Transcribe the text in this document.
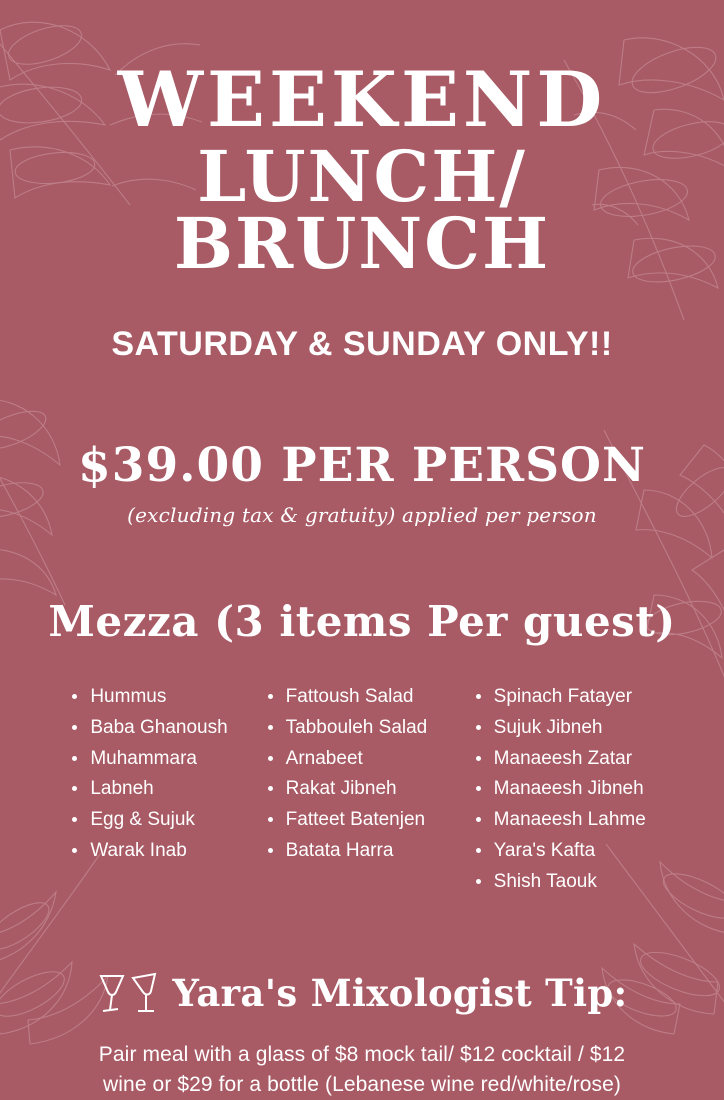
WEEKEND
LUNCH/ BRUNCH
SATURDAY & SUNDAY ONLY!!
$39.00 PER PERSON
(excluding tax & gratuity) applied per person
Mezza (3 items Per guest)
Hummus
Baba Ghanoush
Muhammara
Labneh
Egg & Sujuk
Warak Inab
Fattoush Salad
Tabbouleh Salad
Arnabeet
Rakat Jibneh
Fatteet Batenjen
Batata Harra
Spinach Fatayer
Sujuk Jibneh
Manaeesh Zatar
Manaeesh Jibneh
Manaeesh Lahme
Yara's Kafta
Shish Taouk
Yara's Mixologist Tip:
Pair meal with a glass of $8 mock tail/ $12 cocktail / $12
wine or $29 for a bottle (Lebanese wine red/white/rose)
